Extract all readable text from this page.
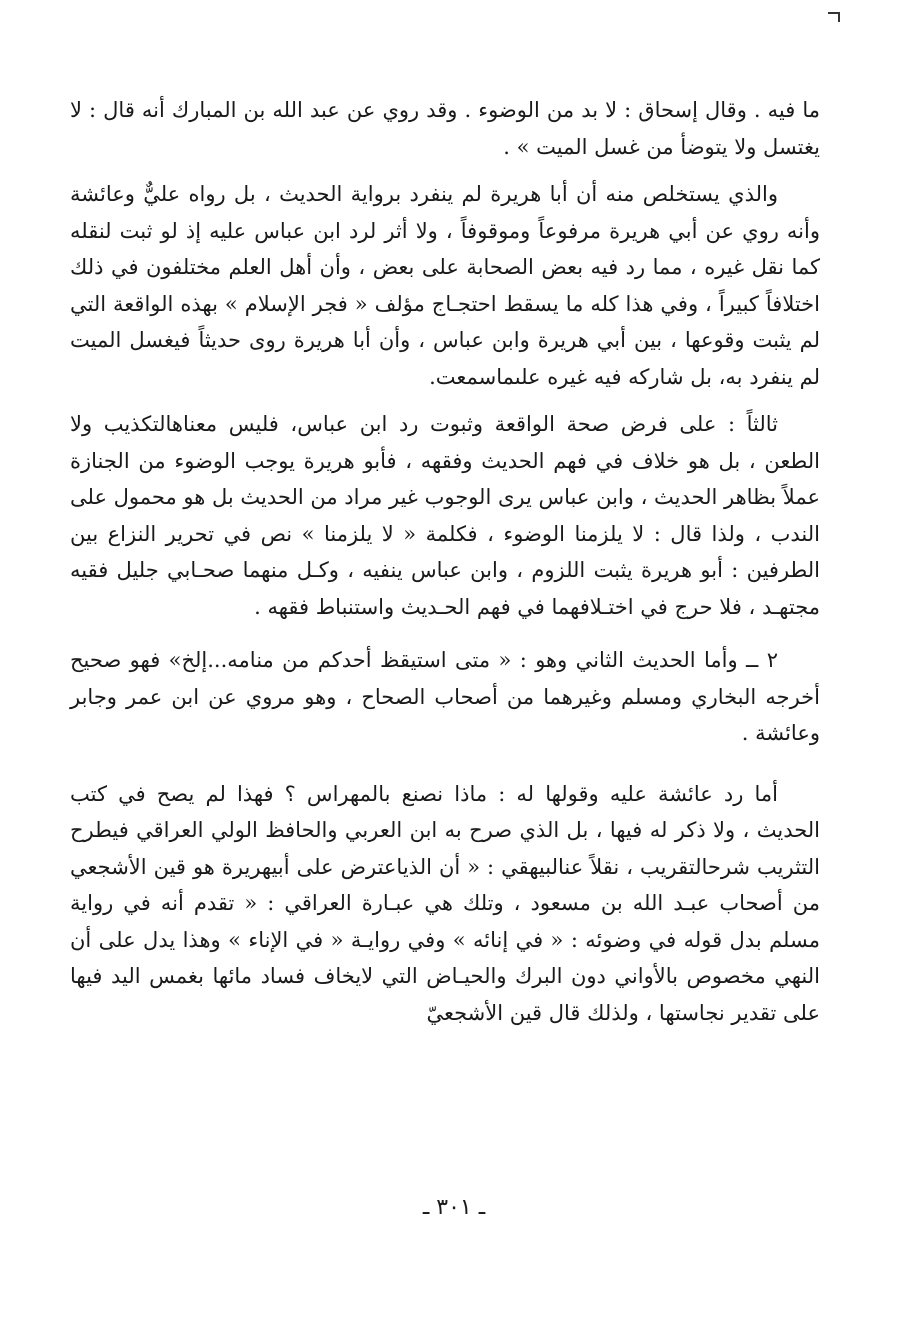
ما فيه . وقال إسحاق : لا بد من الوضوء . وقد روي عن عبد الله بن المبارك أنه قال : لا يغتسل ولا يتوضأ من غسل الميت » .

والذي يستخلص منه أن أبا هريرة لم ينفرد برواية الحديث ، بل رواه عليٌّ وعائشة وأنه روي عن أبي هريرة مرفوعاً وموقوفاً ، ولا أثر لرد ابن عباس عليه إذ لو ثبت لنقله كما نقل غيره ، مما رد فيه بعض الصحابة على بعض ، وأن أهل العلم مختلفون في ذلك اختلافاً كبيراً ، وفي هذا كله ما يسقط احتجـاج مؤلف « فجر الإسلام » بهذه الواقعة التي لم يثبت وقوعها ، بين أبي هريرة وابن عباس ، وأن أبا هريرة روى حديثاً فيغسل الميت لم ينفرد به، بل شاركه فيه غيره علىماسمعت.

ثالثاً : على فرض صحة الواقعة وثبوت رد ابن عباس، فليس معناهالتكذيب ولا الطعن ، بل هو خلاف في فهم الحديث وفقهه ، فأبو هريرة يوجب الوضوء من الجنازة عملاً بظاهر الحديث ، وابن عباس يرى الوجوب غير مراد من الحديث بل هو محمول على الندب ، ولذا قال : لا يلزمنا الوضوء ، فكلمة « لا يلزمنا » نص في تحرير النزاع بين الطرفين : أبو هريرة يثبت اللزوم ، وابن عباس ينفيه ، وكـل منهما صحـابي جليل فقيه مجتهـد ، فلا حرج في اختـلافهما في فهم الحـديث واستنباط فقهه .

٢ ــ وأما الحديث الثاني وهو : « متى استيقظ أحدكم من منامه...إلخ» فهو صحيح أخرجه البخاري ومسلم وغيرهما من أصحاب الصحاح ، وهو مروي عن ابن عمر وجابر وعائشة .

أما رد عائشة عليه وقولها له : ماذا نصنع بالمهراس ؟ فهذا لم يصح في كتب الحديث ، ولا ذكر له فيها ، بل الذي صرح به ابن العربي والحافظ الولي العراقي فيطرح التثريب شرحالتقريب ، نقلاً عنالبيهقي : « أن الذياعترض على أبيهريرة هو قين الأشجعي من أصحاب عبـد الله بن مسعود ، وتلك هي عبـارة العراقي : « تقدم أنه في رواية مسلم بدل قوله في وضوئه : « في إنائه » وفي روايـة « في الإناء » وهذا يدل على أن النهي مخصوص بالأواني دون البرك والحيـاض التي لايخاف فساد مائها بغمس اليد فيها على تقدير نجاستها ، ولذلك قال قين الأشجعيّ

ـ ٣٠١ ـ
